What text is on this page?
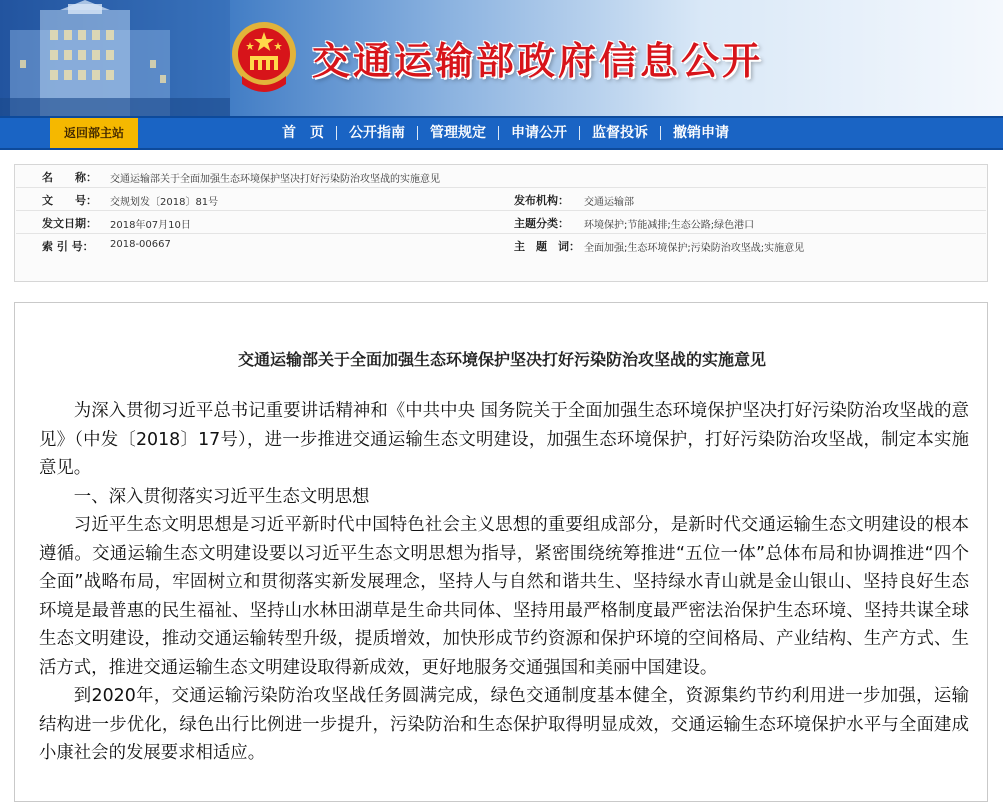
交通运输部政府信息公开
返回部主站	首　页	公开指南	管理规定	申请公开	监督投诉	撤销申请
名　　称： 交通运输部关于全面加强生态环境保护坚决打好污染防治攻坚战的实施意见
文　　号： 交规划发〔2018〕81号	发布机构： 交通运输部
发文日期： 2018年07月10日	主题分类： 环境保护;节能减排;生态公路;绿色港口
索 引 号： 2018-00667	主　题　词： 全面加强;生态环境保护;污染防治攻坚战;实施意见
交通运输部关于全面加强生态环境保护坚决打好污染防治攻坚战的实施意见

为深入贯彻习近平总书记重要讲话精神和《中共中央 国务院关于全面加强生态环境保护坚决打好污染防治攻坚战的意见》（中发〔2018〕17号），进一步推进交通运输生态文明建设，加强生态环境保护，打好污染防治攻坚战，制定本实施意见。

一、深入贯彻落实习近平生态文明思想

习近平生态文明思想是习近平新时代中国特色社会主义思想的重要组成部分，是新时代交通运输生态文明建设的根本遵循。交通运输生态文明建设要以习近平生态文明思想为指导，紧密围绕统筹推进“五位一体”总体布局和协调推进“四个全面”战略布局，牢固树立和贯彻落实新发展理念，坚持人与自然和谐共生、坚持绿水青山就是金山银山、坚持良好生态环境是最普惠的民生福祉、坚持山水林田湖草是生命共同体、坚持用最严格制度最严密法治保护生态环境、坚持共谋全球生态文明建设，推动交通运输转型升级，提质增效，加快形成节约资源和保护环境的空间格局、产业结构、生产方式、生活方式，推进交通运输生态文明建设取得新成效，更好地服务交通强国和美丽中国建设。

到2020年，交通运输污染防治攻坚战任务圆满完成，绿色交通制度基本健全，资源集约节约利用进一步加强，运输结构进一步优化，绿色出行比例进一步提升，污染防治和生态保护取得明显成效，交通运输生态环境保护水平与全面建成小康社会的发展要求相适应。
